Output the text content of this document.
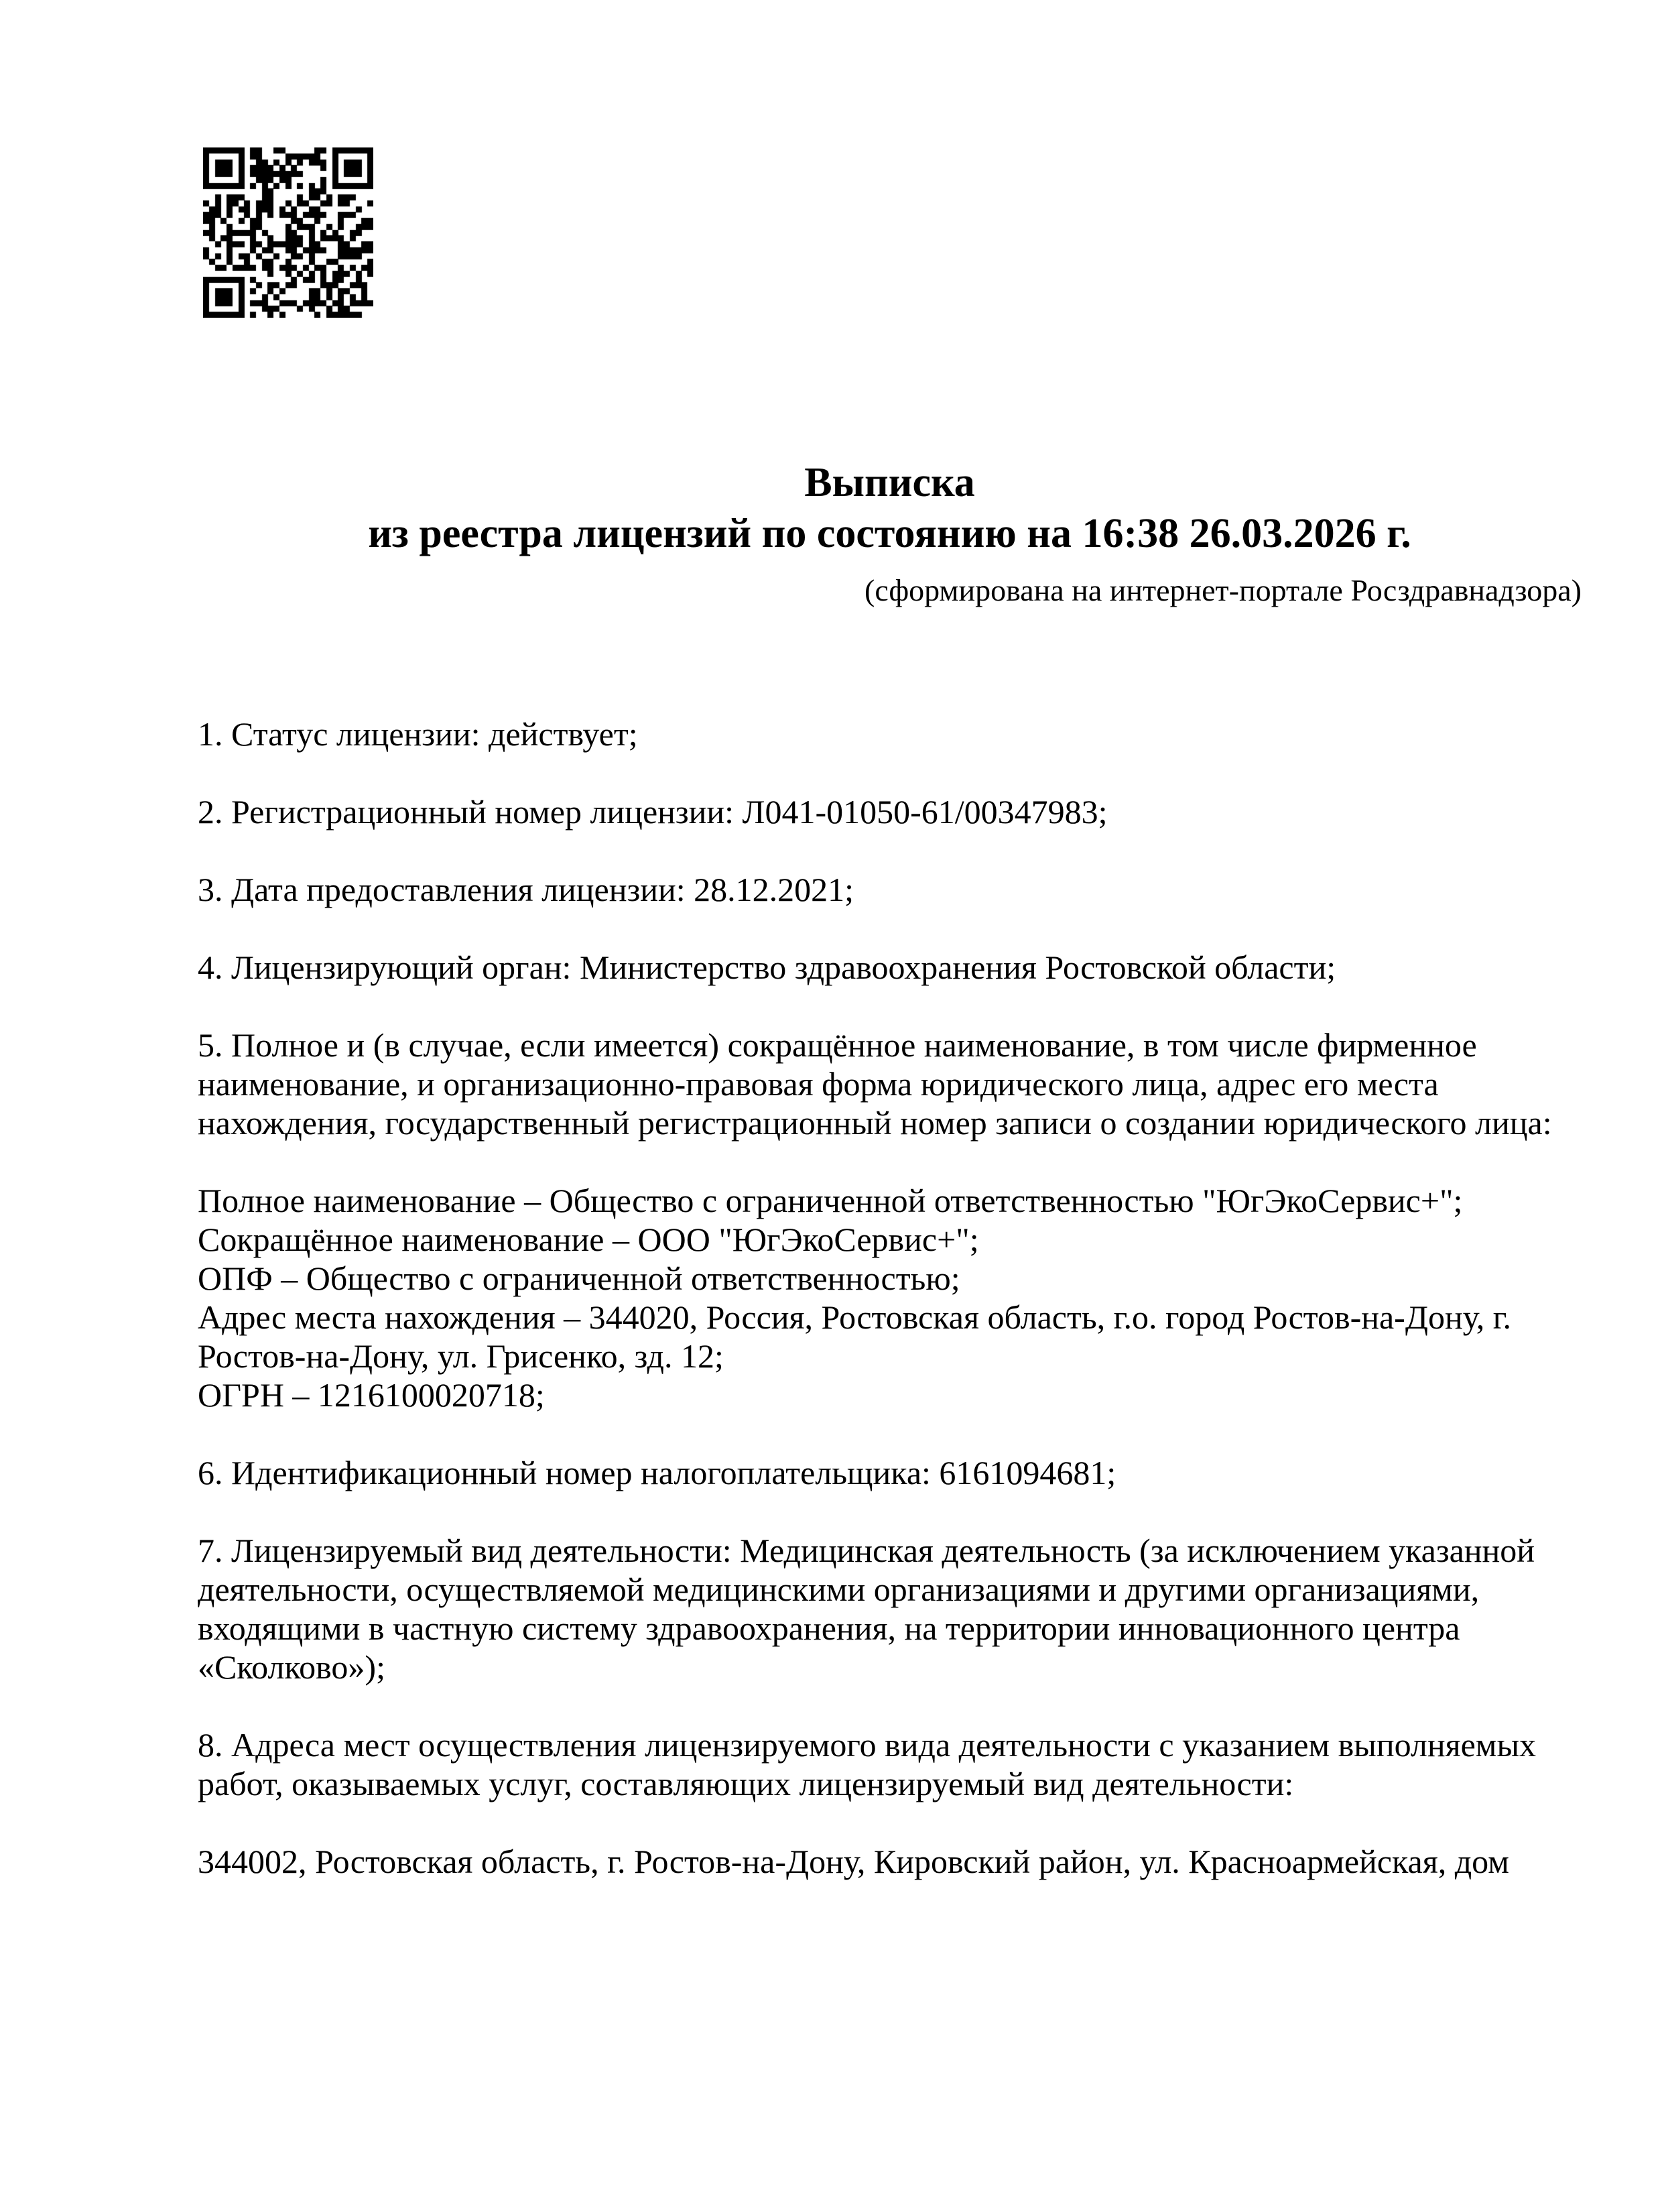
Выписка
из реестра лицензий по состоянию на 16:38 26.03.2026 г.
(сформирована на интернет-портале Росздравнадзора)
1. Статус лицензии: действует;
2. Регистрационный номер лицензии: Л041-01050-61/00347983;
3. Дата предоставления лицензии: 28.12.2021;
4. Лицензирующий орган: Министерство здравоохранения Ростовской области;
5. Полное и (в случае, если имеется) сокращённое наименование, в том числе фирменное
наименование, и организационно-правовая форма юридического лица, адрес его места
нахождения, государственный регистрационный номер записи о создании юридического лица:
Полное наименование – Общество с ограниченной ответственностью "ЮгЭкоСервис+";
Сокращённое наименование – ООО "ЮгЭкоСервис+";
ОПФ – Общество с ограниченной ответственностью;
Адрес места нахождения – 344020, Россия, Ростовская область, г.о. город Ростов-на-Дону, г.
Ростов-на-Дону, ул. Грисенко, зд. 12;
ОГРН – 1216100020718;
6. Идентификационный номер налогоплательщика: 6161094681;
7. Лицензируемый вид деятельности: Медицинская деятельность (за исключением указанной
деятельности, осуществляемой медицинскими организациями и другими организациями,
входящими в частную систему здравоохранения, на территории инновационного центра
«Сколково»);
8. Адреса мест осуществления лицензируемого вида деятельности с указанием выполняемых
работ, оказываемых услуг, составляющих лицензируемый вид деятельности:
344002, Ростовская область, г. Ростов-на-Дону, Кировский район, ул. Красноармейская, дом
